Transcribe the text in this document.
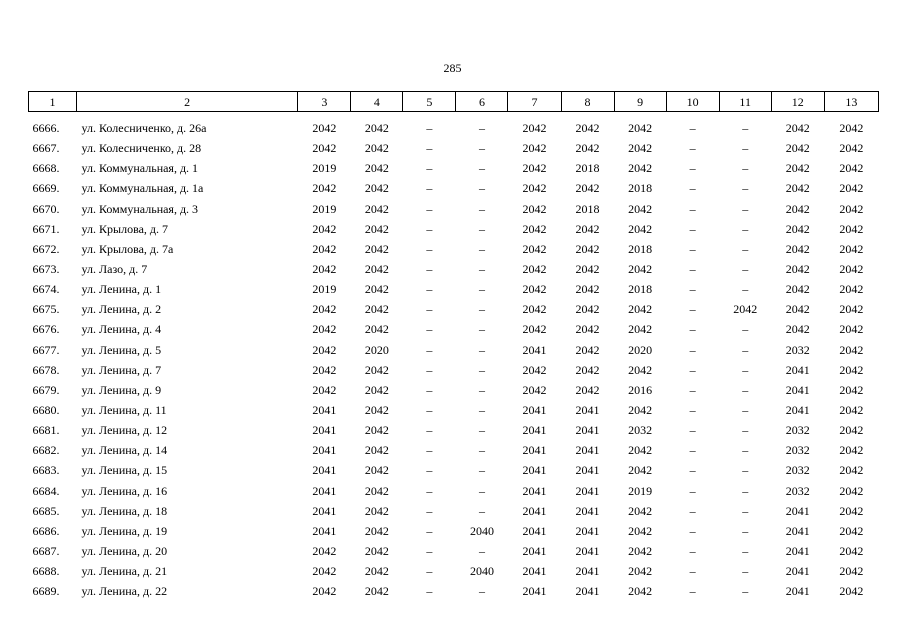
285
1	2	3	4	5	6	7	8	9	10	11	12	13
6666.	ул. Колесниченко, д. 26а	2042	2042	–	–	2042	2042	2042	–	–	2042	2042
6667.	ул. Колесниченко, д. 28	2042	2042	–	–	2042	2042	2042	–	–	2042	2042
6668.	ул. Коммунальная, д. 1	2019	2042	–	–	2042	2018	2042	–	–	2042	2042
6669.	ул. Коммунальная, д. 1а	2042	2042	–	–	2042	2042	2018	–	–	2042	2042
6670.	ул. Коммунальная, д. 3	2019	2042	–	–	2042	2018	2042	–	–	2042	2042
6671.	ул. Крылова, д. 7	2042	2042	–	–	2042	2042	2042	–	–	2042	2042
6672.	ул. Крылова, д. 7а	2042	2042	–	–	2042	2042	2018	–	–	2042	2042
6673.	ул. Лазо, д. 7	2042	2042	–	–	2042	2042	2042	–	–	2042	2042
6674.	ул. Ленина, д. 1	2019	2042	–	–	2042	2042	2018	–	–	2042	2042
6675.	ул. Ленина, д. 2	2042	2042	–	–	2042	2042	2042	–	2042	2042	2042
6676.	ул. Ленина, д. 4	2042	2042	–	–	2042	2042	2042	–	–	2042	2042
6677.	ул. Ленина, д. 5	2042	2020	–	–	2041	2042	2020	–	–	2032	2042
6678.	ул. Ленина, д. 7	2042	2042	–	–	2042	2042	2042	–	–	2041	2042
6679.	ул. Ленина, д. 9	2042	2042	–	–	2042	2042	2016	–	–	2041	2042
6680.	ул. Ленина, д. 11	2041	2042	–	–	2041	2041	2042	–	–	2041	2042
6681.	ул. Ленина, д. 12	2041	2042	–	–	2041	2041	2032	–	–	2032	2042
6682.	ул. Ленина, д. 14	2041	2042	–	–	2041	2041	2042	–	–	2032	2042
6683.	ул. Ленина, д. 15	2041	2042	–	–	2041	2041	2042	–	–	2032	2042
6684.	ул. Ленина, д. 16	2041	2042	–	–	2041	2041	2019	–	–	2032	2042
6685.	ул. Ленина, д. 18	2041	2042	–	–	2041	2041	2042	–	–	2041	2042
6686.	ул. Ленина, д. 19	2041	2042	–	2040	2041	2041	2042	–	–	2041	2042
6687.	ул. Ленина, д. 20	2042	2042	–	–	2041	2041	2042	–	–	2041	2042
6688.	ул. Ленина, д. 21	2042	2042	–	2040	2041	2041	2042	–	–	2041	2042
6689.	ул. Ленина, д. 22	2042	2042	–	–	2041	2041	2042	–	–	2041	2042
